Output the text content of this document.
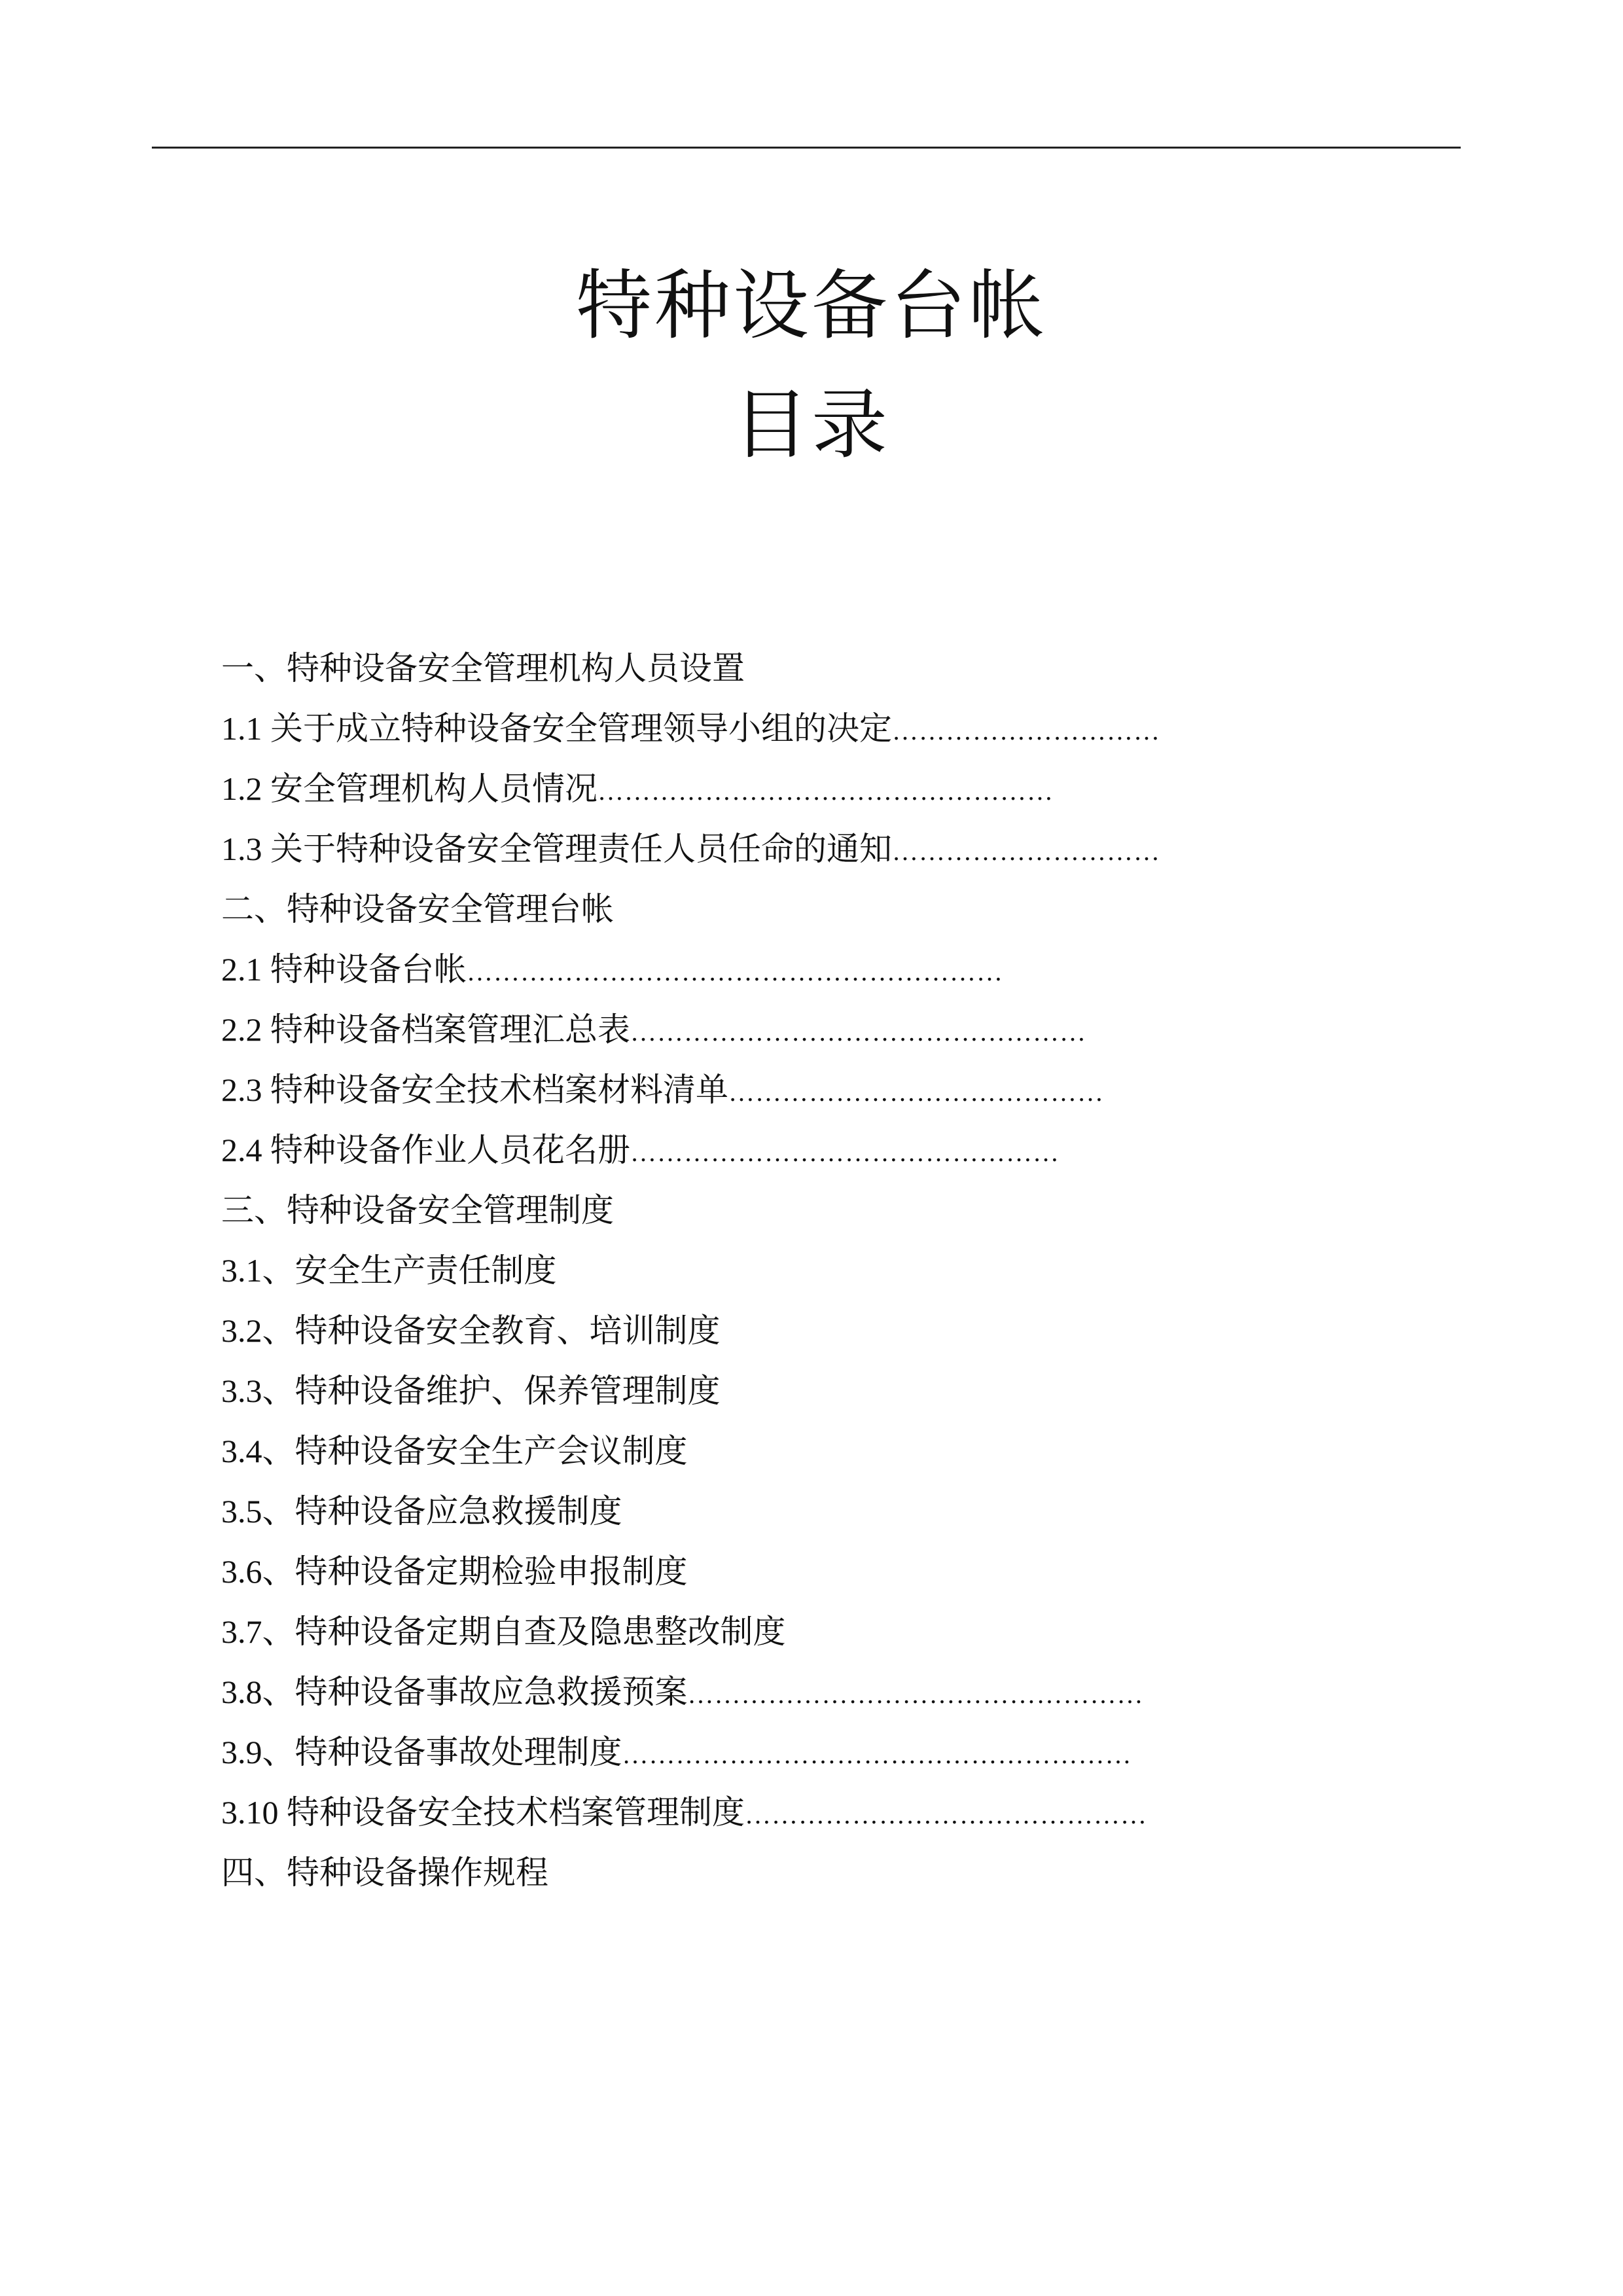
特种设备台帐
目录
一、特种设备安全管理机构人员设置
1.1 关于成立特种设备安全管理领导小组的决定…………………………
1.2 安全管理机构人员情况……………………………………………
1.3 关于特种设备安全管理责任人员任命的通知…………………………
二、特种设备安全管理台帐
2.1 特种设备台帐……………………………………………………
2.2 特种设备档案管理汇总表……………………………………………
2.3 特种设备安全技术档案材料清单……………………………………
2.4 特种设备作业人员花名册…………………………………………
三、特种设备安全管理制度
3.1、安全生产责任制度
3.2、特种设备安全教育、培训制度
3.3、特种设备维护、保养管理制度
3.4、特种设备安全生产会议制度
3.5、特种设备应急救援制度
3.6、特种设备定期检验申报制度
3.7、特种设备定期自查及隐患整改制度
3.8、特种设备事故应急救援预案……………………………………………
3.9、特种设备事故处理制度…………………………………………………
3.10 特种设备安全技术档案管理制度………………………………………
四、特种设备操作规程
